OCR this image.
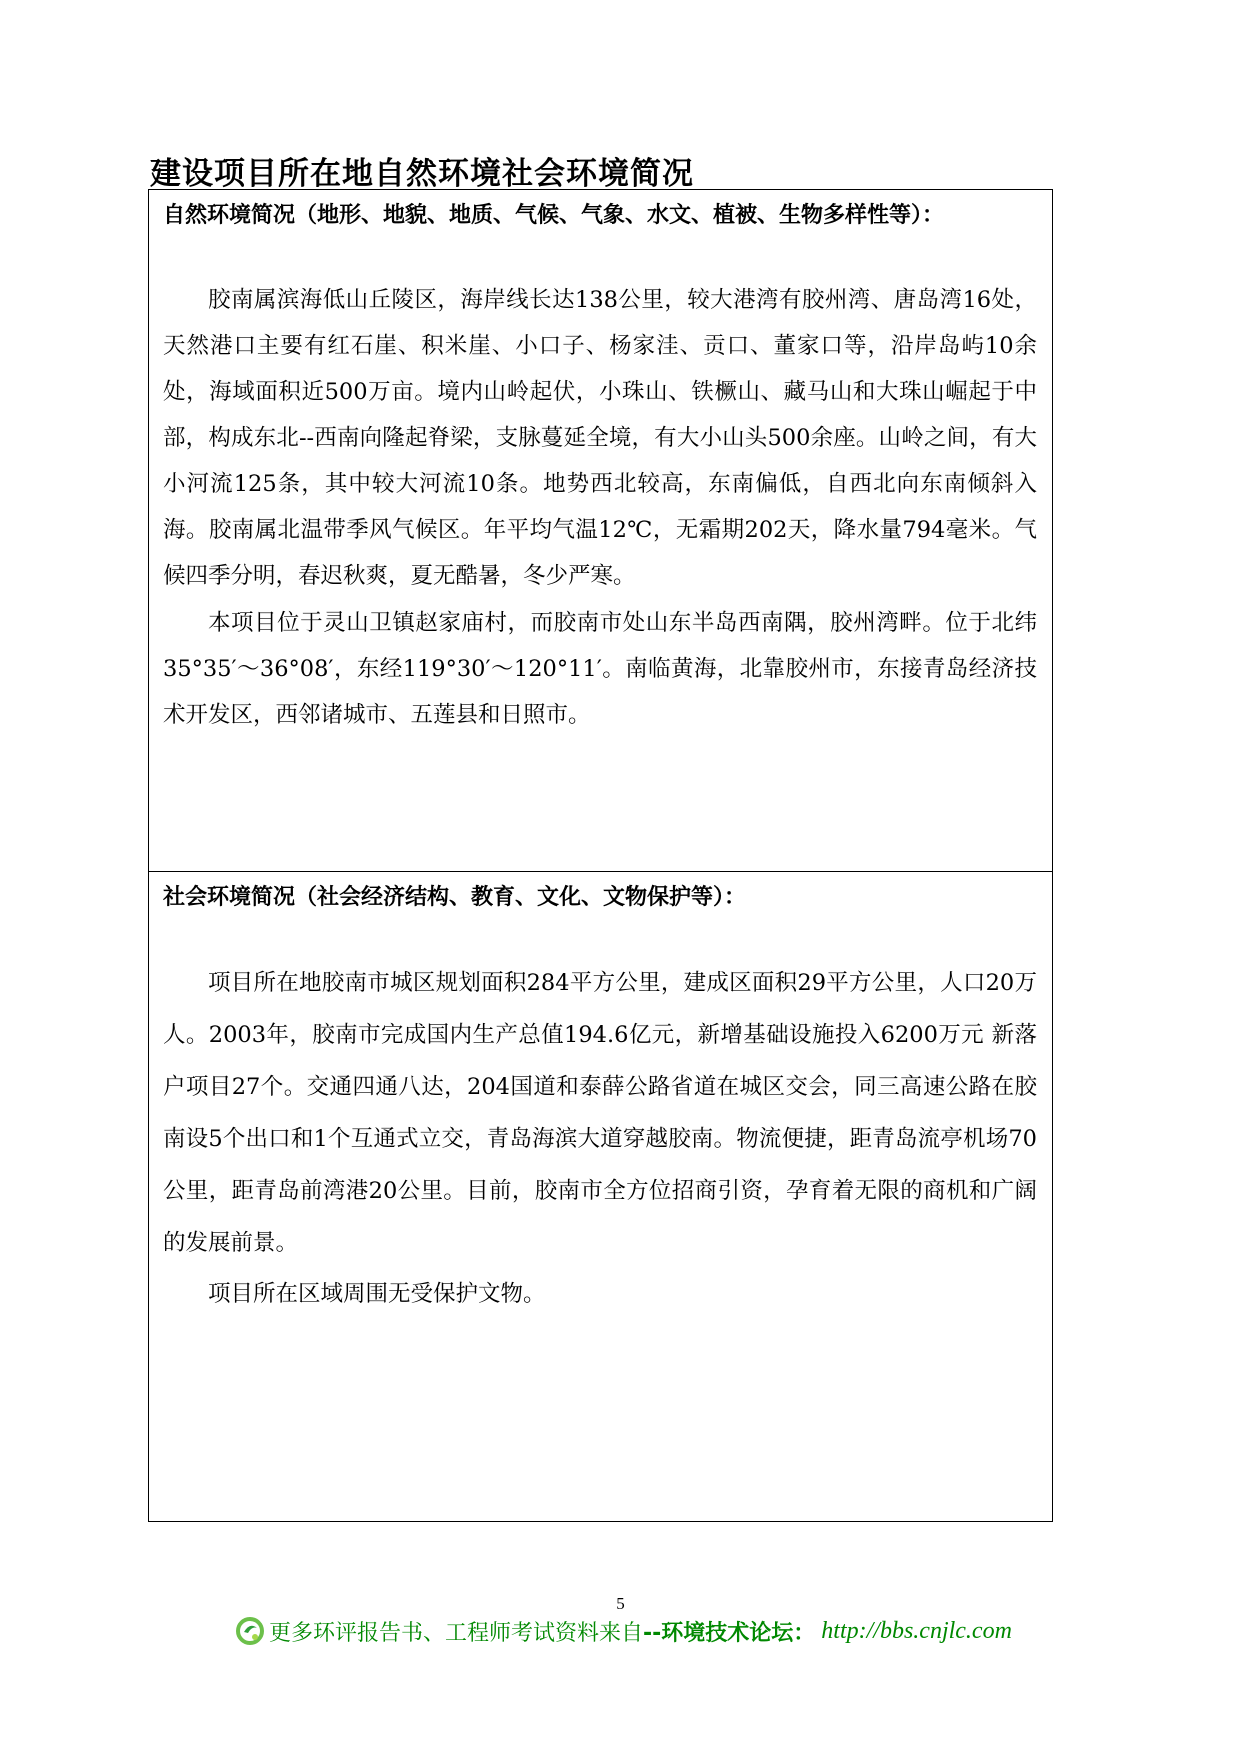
建设项目所在地自然环境社会环境简况
自然环境简况（地形、地貌、地质、气候、气象、水文、植被、生物多样性等）：
胶南属滨海低山丘陵区，海岸线长达138公里，较大港湾有胶州湾、唐岛湾16处，天然港口主要有红石崖、积米崖、小口子、杨家洼、贡口、董家口等，沿岸岛屿10余处，海域面积近500万亩。境内山岭起伏，小珠山、铁橛山、藏马山和大珠山崛起于中部，构成东北--西南向隆起脊梁，支脉蔓延全境，有大小山头500余座。山岭之间，有大小河流125条，其中较大河流10条。地势西北较高，东南偏低，自西北向东南倾斜入海。胶南属北温带季风气候区。年平均气温12℃，无霜期202天，降水量794毫米。气候四季分明，春迟秋爽，夏无酷暑，冬少严寒。
本项目位于灵山卫镇赵家庙村，而胶南市处山东半岛西南隅，胶州湾畔。位于北纬35°35′～36°08′，东经119°30′～120°11′。南临黄海，北靠胶州市，东接青岛经济技术开发区，西邻诸城市、五莲县和日照市。
社会环境简况（社会经济结构、教育、文化、文物保护等）：
项目所在地胶南市城区规划面积284平方公里，建成区面积29平方公里，人口20万人。2003年，胶南市完成国内生产总值194.6亿元，新增基础设施投入6200万元 新落户项目27个。交通四通八达，204国道和泰薛公路省道在城区交会，同三高速公路在胶南设5个出口和1个互通式立交，青岛海滨大道穿越胶南。物流便捷，距青岛流亭机场70公里，距青岛前湾港20公里。目前，胶南市全方位招商引资，孕育着无限的商机和广阔的发展前景。
项目所在区域周围无受保护文物。
5
更多环评报告书、工程师考试资料来自 --环境技术论坛： http://bbs.cnjlc.com
